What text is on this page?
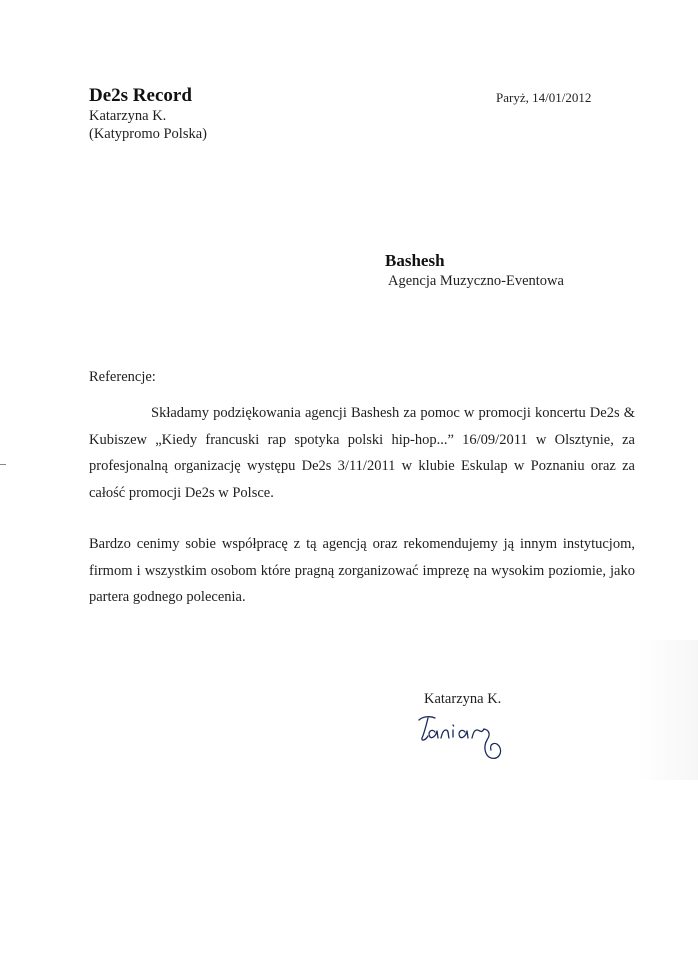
De2s Record
Katarzyna K.
(Katypromo Polska)
Paryż, 14/01/2012
Bashesh
Agencja Muzyczno-Eventowa
Referencje:
Składamy podziękowania agencji Bashesh za pomoc w promocji koncertu De2s & Kubiszew „Kiedy francuski rap spotyka polski hip-hop...” 16/09/2011 w Olsztynie, za profesjonalną organizację występu De2s 3/11/2011 w klubie Eskulap w Poznaniu oraz za całość promocji De2s w Polsce.
Bardzo cenimy sobie współpracę z tą agencją oraz rekomendujemy ją innym instytucjom, firmom i wszystkim osobom które pragną zorganizować imprezę na wysokim poziomie, jako partera godnego polecenia.
Katarzyna K.
